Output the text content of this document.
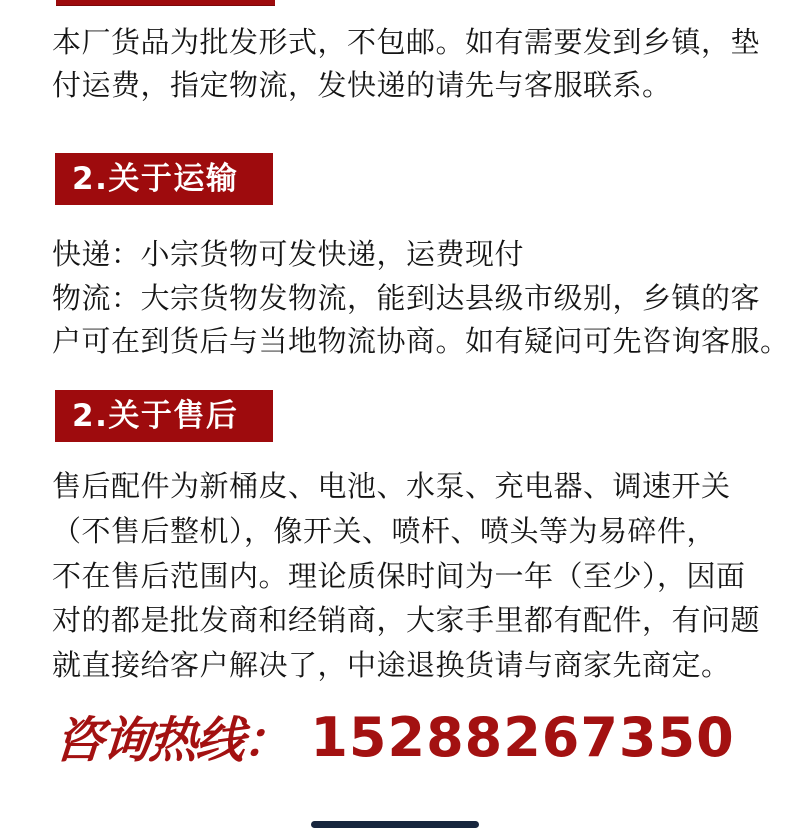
本厂货品为批发形式，不包邮。如有需要发到乡镇，垫
付运费，指定物流，发快递的请先与客服联系。
2.关于运输
快递：小宗货物可发快递，运费现付
物流：大宗货物发物流，能到达县级市级别，乡镇的客
户可在到货后与当地物流协商。如有疑问可先咨询客服。
2.关于售后
售后配件为新桶皮、电池、水泵、充电器、调速开关
（不售后整机），像开关、喷杆、喷头等为易碎件，
不在售后范围内。理论质保时间为一年（至少），因面
对的都是批发商和经销商，大家手里都有配件，有问题
就直接给客户解决了，中途退换货请与商家先商定。
咨询热线： 15288267350
